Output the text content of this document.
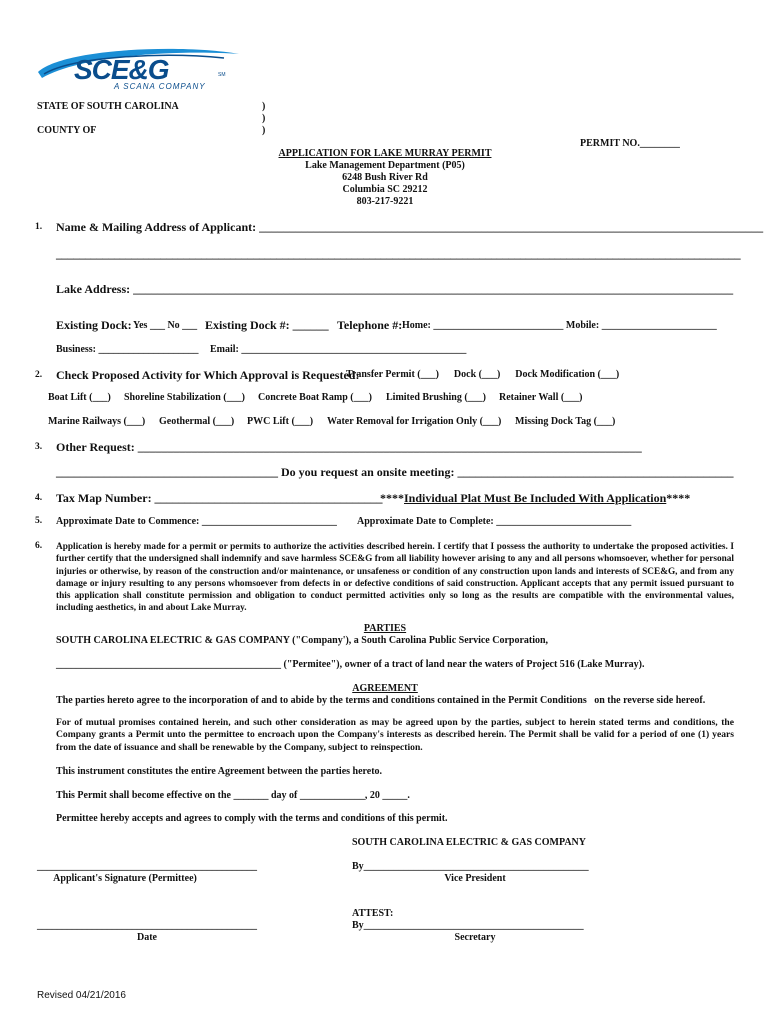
SCE&G	SM
A SCANA COMPANY
STATE OF SOUTH CAROLINA	)
)
)
COUNTY OF
PERMIT NO.________
APPLICATION FOR LAKE MURRAY PERMIT
Lake Management Department (P05)
6248 Bush River Rd
Columbia SC 29212
803-217-9221
1. Name & Mailing Address of Applicant: ____________________________________________________________________________________
______________________________________________________________________________________________________________________
Lake Address: ____________________________________________________________________________________________________
Existing Dock: Yes ___ No ___ Existing Dock #: ______ Telephone #: Home: __________________________ Mobile: _______________________
Business: ____________________ Email: _____________________________________________
2. Check Proposed Activity for Which Approval is Requested:
Transfer Permit (___)      Dock (___)      Dock Modification (___)
Boat Lift (___) Shoreline Stabilization (___) Concrete Boat Ramp (___) Limited Brushing (___) Retainer Wall (___)
Marine Railways (___) Geothermal (___) PWC Lift (___) Water Removal for Irrigation Only (___) Missing Dock Tag (___)
3. Other Request: ____________________________________________________________________________________
_____________________________________ Do you request an onsite meeting: ______________________________________________
4. Tax Map Number: ______________________________________
****Individual Plat Must Be Included With Application****
5. Approximate Date to Commence: ___________________________ Approximate Date to Complete: ___________________________
6. Application is hereby made for a permit or permits to authorize the activities described herein. I certify that I possess the authority to undertake the proposed activities. I further certify that the undersigned shall indemnify and save harmless SCE&G from all liability however arising to any and all persons whomsoever, whether for personal injuries or otherwise, by reason of the construction and/or maintenance, or unsafeness or condition of any construction upon lands and interests of SCE&G, and from any damage or injury resulting to any persons whomsoever from defects in or defective conditions of said construction. Applicant accepts that any permit issued pursuant to this application shall constitute permission and obligation to conduct permitted activities only so long as the results are compatible with the environmental values, including aesthetics, in and about Lake Murray.
PARTIES
SOUTH CAROLINA ELECTRIC & GAS COMPANY ("Company'), a South Carolina Public Service Corporation,
_____________________________________________ ("Permitee"), owner of a tract of land near the waters of Project 516 (Lake Murray).
AGREEMENT
The parties hereto agree to the incorporation of and to abide by the terms and conditions contained in the Permit Conditions   on the reverse side hereof.
For of mutual promises contained herein, and such other consideration as may be agreed upon by the parties, subject to herein stated terms and conditions, the Company grants a Permit unto the permittee to encroach upon the Company's interests as described herein. The Permit shall be valid for a period of one (1) years from the date of issuance and shall be renewable by the Company, subject to reinspection.
This instrument constitutes the entire Agreement between the parties hereto.
This Permit shall become effective on the _______ day of _____________, 20 _____.
Permittee hereby accepts and agrees to comply with the terms and conditions of this permit.
SOUTH CAROLINA ELECTRIC & GAS COMPANY
____________________________________________	By_____________________________________________
Applicant's Signature (Permittee)	Vice President
ATTEST:
____________________________________________	By____________________________________________
Date	Secretary
Revised 04/21/2016
